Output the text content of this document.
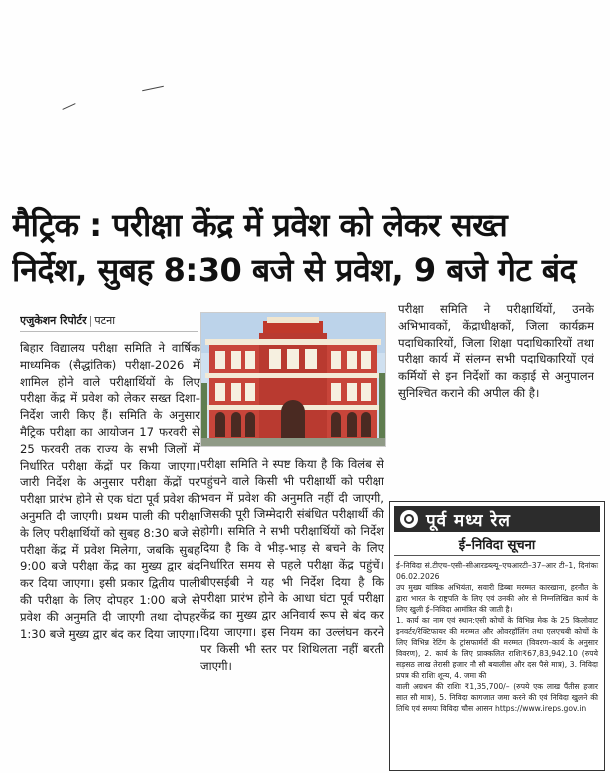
मैट्रिक : परीक्षा केंद्र में प्रवेश को लेकर सख्त
निर्देश, सुबह 8:30 बजे से प्रवेश, 9 बजे गेट बंद
एजुकेशन रिपोर्टर | पटना
बिहार विद्यालय परीक्षा समिति ने वार्षिक माध्यमिक (सैद्धांतिक) परीक्षा-2026 में शामिल होने वाले परीक्षार्थियों के लिए परीक्षा केंद्र में प्रवेश को लेकर सख्त दिशा-निर्देश जारी किए हैं। समिति के अनुसार मैट्रिक परीक्षा का आयोजन 17 फरवरी से 25 फरवरी तक राज्य के सभी जिलों में निर्धारित परीक्षा केंद्रों पर किया जाएगा। जारी निर्देश के अनुसार परीक्षा केंद्रों पर परीक्षा प्रारंभ होने से एक घंटा पूर्व प्रवेश की अनुमति दी जाएगी। प्रथम पाली की परीक्षा के लिए परीक्षार्थियों को सुबह 8:30 बजे से परीक्षा केंद्र में प्रवेश मिलेगा, जबकि सुबह 9:00 बजे परीक्षा केंद्र का मुख्य द्वार बंद कर दिया जाएगा। इसी प्रकार द्वितीय पाली की परीक्षा के लिए दोपहर 1:00 बजे से प्रवेश की अनुमति दी जाएगी तथा दोपहर 1:30 बजे मुख्य द्वार बंद कर दिया जाएगा।
परीक्षा समिति ने स्पष्ट किया है कि विलंब से पहुंचने वाले किसी भी परीक्षार्थी को परीक्षा भवन में प्रवेश की अनुमति नहीं दी जाएगी, जिसकी पूरी जिम्मेदारी संबंधित परीक्षार्थी की होगी। समिति ने सभी परीक्षार्थियों को निर्देश दिया है कि वे भीड़-भाड़ से बचने के लिए निर्धारित समय से पहले परीक्षा केंद्र पहुंचें। बीएसईबी ने यह भी निर्देश दिया है कि परीक्षा प्रारंभ होने के आधा घंटा पूर्व परीक्षा केंद्र का मुख्य द्वार अनिवार्य रूप से बंद कर दिया जाएगा। इस नियम का उल्लंघन करने पर किसी भी स्तर पर शिथिलता नहीं बरती जाएगी।
परीक्षा समिति ने परीक्षार्थियों, उनके अभिभावकों, केंद्राधीक्षकों, जिला कार्यक्रम पदाधिकारियों, जिला शिक्षा पदाधिकारियों तथा परीक्षा कार्य में संलग्न सभी पदाधिकारियों एवं कर्मियों से इन निर्देशों का कड़ाई से अनुपालन सुनिश्चित कराने की अपील की है।
पूर्व मध्य रेल
ई–निविदा सूचना

ई–निविदा सं.टीएच–एसी–सीआरडब्ल्यू–एचआरटी–37–आर टी–1, दिनांकः 06.02.2026

उप मुख्य यांत्रिक अभियंता, सवारी डिब्बा मरम्मत कारखाना, हरनौत के द्वारा भारत के राष्ट्रपति के लिए एवं उनकी ओर से निम्नलिखित कार्य के लिए खुली ई–निविदा आमंत्रित की जाती है।

1. कार्य का नाम एवं स्थान:एसी कोचों के विभिन्न मेक के 25 किलोवाट इनवर्टर/रेक्टिफायर की मरम्मत और ओवरहॉलिंग तथा एलएचबी कोचों के लिए विभिन्न रेटिंग के ट्रांसफार्मरों की मरम्मत (विवरण–कार्य के अनुसार विवरण), 2. कार्य के लिए प्राक्कलित राशिः₹67,83,942.10 (रुपये सड़सठ लाख तेरासी हजार नौ सौ बयालीस और दस पैसे मात्र), 3. निविदा प्रपत्र की राशिः शून्य, 4. जमा की

वाली अग्रधन की राशिः ₹1,35,700/– (रुपये एक लाख पैंतीस हजार सात सौ मात्र), 5. निविदा कागजात जमा करने की एवं निविदा खुलने की तिथि एवं समयः विविदा चौस आसन https://www.ireps.gov.in
